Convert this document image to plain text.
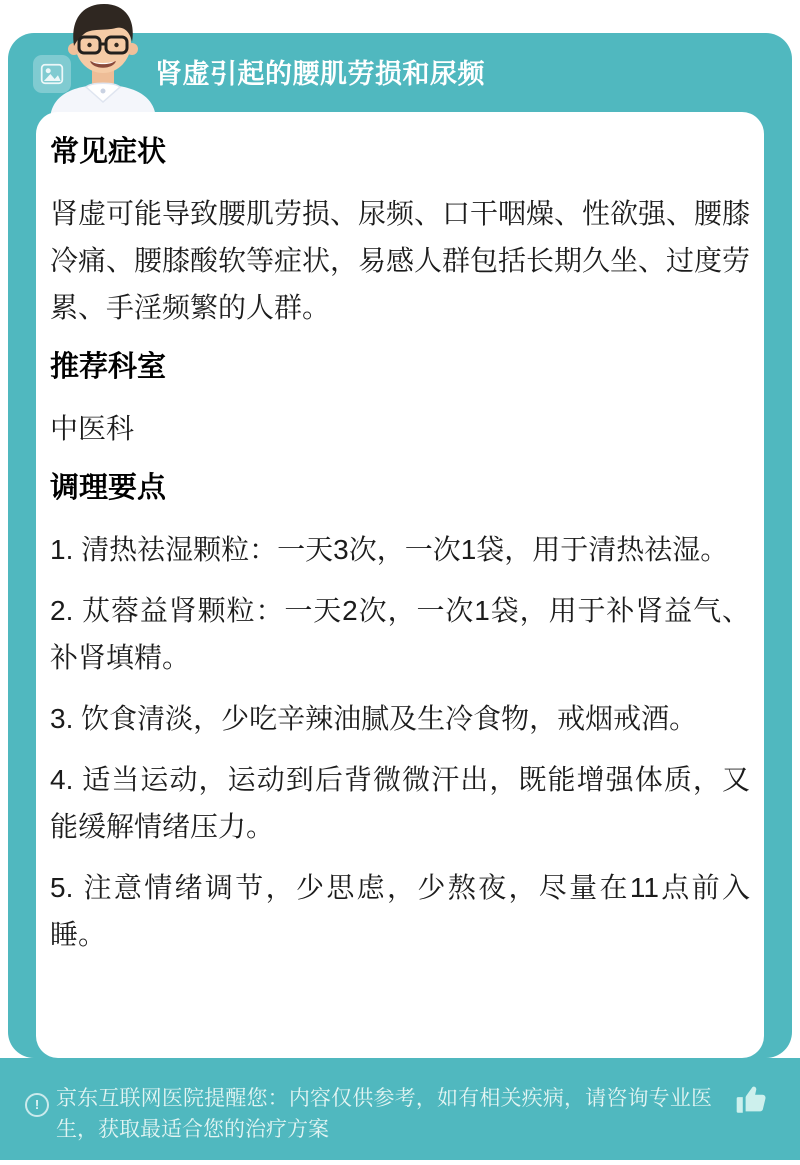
肾虚引起的腰肌劳损和尿频
常见症状

肾虚可能导致腰肌劳损、尿频、口干咽燥、性欲强、腰膝冷痛、腰膝酸软等症状，易感人群包括长期久坐、过度劳累、手淫频繁的人群。

推荐科室

中医科

调理要点

1. 清热祛湿颗粒：一天3次，一次1袋，用于清热祛湿。

2. 苁蓉益肾颗粒：一天2次，一次1袋，用于补肾益气、补肾填精。

3. 饮食清淡，少吃辛辣油腻及生冷食物，戒烟戒酒。

4. 适当运动，运动到后背微微汗出，既能增强体质，又能缓解情绪压力。

5. 注意情绪调节，少思虑，少熬夜，尽量在11点前入睡。

! 京东互联网医院提醒您：内容仅供参考，如有相关疾病，请咨询专业医生，获取最适合您的治疗方案
